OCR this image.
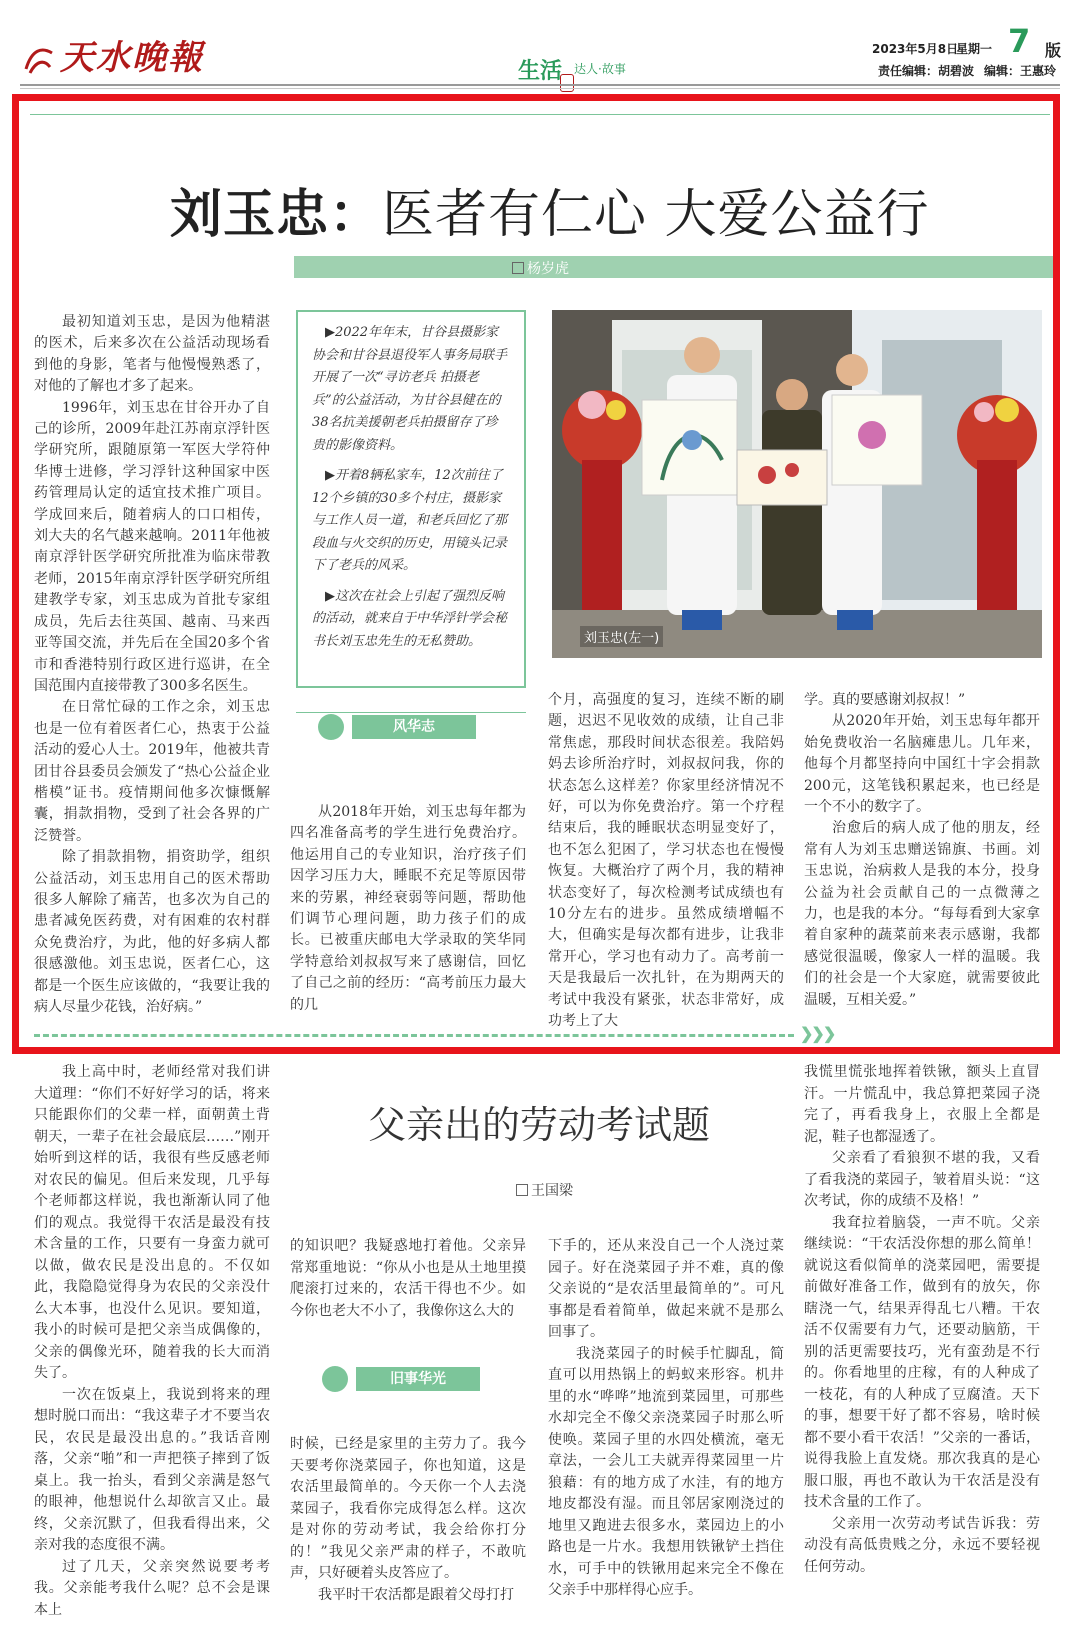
天水晚報	生活 达人·故事
2023年5月8日
星期一 7 版
责任编辑：胡碧波 编辑：王惠玲
刘玉忠：医者有仁心 大爱公益行
杨岁虎

最初知道刘玉忠，是因为他精湛的医术，后来多次在公益活动现场看到他的身影，笔者与他慢慢熟悉了，对他的了解也才多了起来。

1996年，刘玉忠在甘谷开办了自己的诊所，2009年赴江苏南京浮针医学研究所，跟随原第一军医大学符仲华博士进修，学习浮针这种国家中医药管理局认定的适宜技术推广项目。学成回来后，随着病人的口口相传，刘大夫的名气越来越响。2011年他被南京浮针医学研究所批准为临床带教老师，2015年南京浮针医学研究所组建教学专家，刘玉忠成为首批专家组成员，先后去往英国、越南、马来西亚等国交流，并先后在全国20多个省市和香港特别行政区进行巡讲，在全国范围内直接带教了300多名医生。

在日常忙碌的工作之余，刘玉忠也是一位有着医者仁心，热衷于公益活动的爱心人士。2019年，他被共青团甘谷县委员会颁发了“热心公益企业楷模”证书。疫情期间他多次慷慨解囊，捐款捐物，受到了社会各界的广泛赞誉。

除了捐款捐物，捐资助学，组织公益活动，刘玉忠用自己的医术帮助很多人解除了痛苦，也多次为自己的患者减免医药费，对有困难的农村群众免费治疗，为此，他的好多病人都很感激他。刘玉忠说，医者仁心，这都是一个医生应该做的，“我要让我的病人尽量少花钱，治好病。”

▶2022年年末，甘谷县摄影家协会和甘谷县退役军人事务局联手开展了一次“寻访老兵 拍摄老兵”的公益活动，为甘谷县健在的38名抗美援朝老兵拍摄留存了珍贵的影像资料。

▶开着8辆私家车，12次前往了12个乡镇的30多个村庄，摄影家与工作人员一道，和老兵回忆了那段血与火交织的历史，用镜头记录下了老兵的风采。

▶这次在社会上引起了强烈反响的活动，就来自于中华浮针学会秘书长刘玉忠先生的无私赞助。	刘玉忠(左一)
风华志

从2018年开始，刘玉忠每年都为四名准备高考的学生进行免费治疗。他运用自己的专业知识，治疗孩子们因学习压力大，睡眠不充足等原因带来的劳累，神经衰弱等问题，帮助他们调节心理问题，助力孩子们的成长。已被重庆邮电大学录取的笑华同学特意给刘叔叔写来了感谢信，回忆了自己之前的经历：“高考前压力最大的几

个月，高强度的复习，连续不断的刷题，迟迟不见收效的成绩，让自己非常焦虑，那段时间状态很差。我陪妈妈去诊所治疗时，刘叔叔问我，你的状态怎么这样差？你家里经济情况不好，可以为你免费治疗。第一个疗程结束后，我的睡眠状态明显变好了，也不怎么犯困了，学习状态也在慢慢恢复。大概治疗了两个月，我的精神状态变好了，每次检测考试成绩也有10分左右的进步。虽然成绩增幅不大，但确实是每次都有进步，让我非常开心，学习也有动力了。高考前一天是我最后一次扎针，在为期两天的考试中我没有紧张，状态非常好，成功考上了大

学。真的要感谢刘叔叔！”

从2020年开始，刘玉忠每年都开始免费收治一名脑瘫患儿。几年来，他每个月都坚持向中国红十字会捐款200元，这笔钱积累起来，也已经是一个不小的数字了。

治愈后的病人成了他的朋友，经常有人为刘玉忠赠送锦旗、书画。刘玉忠说，治病救人是我的本分，投身公益为社会贡献自己的一点微薄之力，也是我的本分。“每每看到大家拿着自家种的蔬菜前来表示感谢，我都感觉很温暖，像家人一样的温暖。我们的社会是一个大家庭，就需要彼此温暖，互相关爱。”

❯❯❯
父亲出的劳动考试题
王国梁

我上高中时，老师经常对我们讲大道理：“你们不好好学习的话，将来只能跟你们的父辈一样，面朝黄土背朝天，一辈子在社会最底层……”刚开始听到这样的话，我很有些反感老师对农民的偏见。但后来发现，几乎每个老师都这样说，我也渐渐认同了他们的观点。我觉得干农活是最没有技术含量的工作，只要有一身蛮力就可以做，做农民是没出息的。不仅如此，我隐隐觉得身为农民的父亲没什么大本事，也没什么见识。要知道，我小的时候可是把父亲当成偶像的，父亲的偶像光环，随着我的长大而消失了。

一次在饭桌上，我说到将来的理想时脱口而出：“我这辈子才不要当农民，农民是最没出息的。”我话音刚落，父亲“啪”和一声把筷子摔到了饭桌上。我一抬头，看到父亲满是怒气的眼神，他想说什么却欲言又止。最终，父亲沉默了，但我看得出来，父亲对我的态度很不满。

过了几天，父亲突然说要考考我。父亲能考我什么呢？总不会是课本上

的知识吧？我疑惑地打着他。父亲异常郑重地说：“你从小也是从土地里摸爬滚打过来的，农活干得也不少。如今你也老大不小了，我像你这么大的

旧事华光

时候，已经是家里的主劳力了。我今天要考你浇菜园子，你也知道，这是农活里最简单的。今天你一个人去浇菜园子，我看你完成得怎么样。这次是对你的劳动考试，我会给你打分的！”我见父亲严肃的样子，不敢吭声，只好硬着头皮答应了。

我平时干农活都是跟着父母打打

下手的，还从来没自己一个人浇过菜园子。好在浇菜园子并不难，真的像父亲说的“是农活里最简单的”。可凡事都是看着简单，做起来就不是那么回事了。

我浇菜园子的时候手忙脚乱，简直可以用热锅上的蚂蚁来形容。机井里的水“哗哗”地流到菜园里，可那些水却完全不像父亲浇菜园子时那么听使唤。菜园子里的水四处横流，毫无章法，一会儿工夫就弄得菜园里一片狼藉：有的地方成了水洼，有的地方地皮都没有湿。而且邻居家刚浇过的地里又跑进去很多水，菜园边上的小路也是一片水。我想用铁锹铲土挡住水，可手中的铁锹用起来完全不像在父亲手中那样得心应手。

我慌里慌张地挥着铁锹，额头上直冒汗。一片慌乱中，我总算把菜园子浇完了，再看我身上，衣服上全都是泥，鞋子也都湿透了。

父亲看了看狼狈不堪的我，又看了看我浇的菜园子，皱着眉头说：“这次考试，你的成绩不及格！”

我耷拉着脑袋，一声不吭。父亲继续说：“干农活没你想的那么简单！就说这看似简单的浇菜园吧，需要提前做好准备工作，做到有的放矢，你瞎浇一气，结果弄得乱七八糟。干农活不仅需要有力气，还要动脑筋，干别的活更需要技巧，光有蛮劲是不行的。你看地里的庄稼，有的人种成了一枝花，有的人种成了豆腐渣。天下的事，想要干好了都不容易，啥时候都不要小看干农活！”父亲的一番话，说得我脸上直发烧。那次我真的是心服口服，再也不敢认为干农活是没有技术含量的工作了。

父亲用一次劳动考试告诉我：劳动没有高低贵贱之分，永远不要轻视任何劳动。
